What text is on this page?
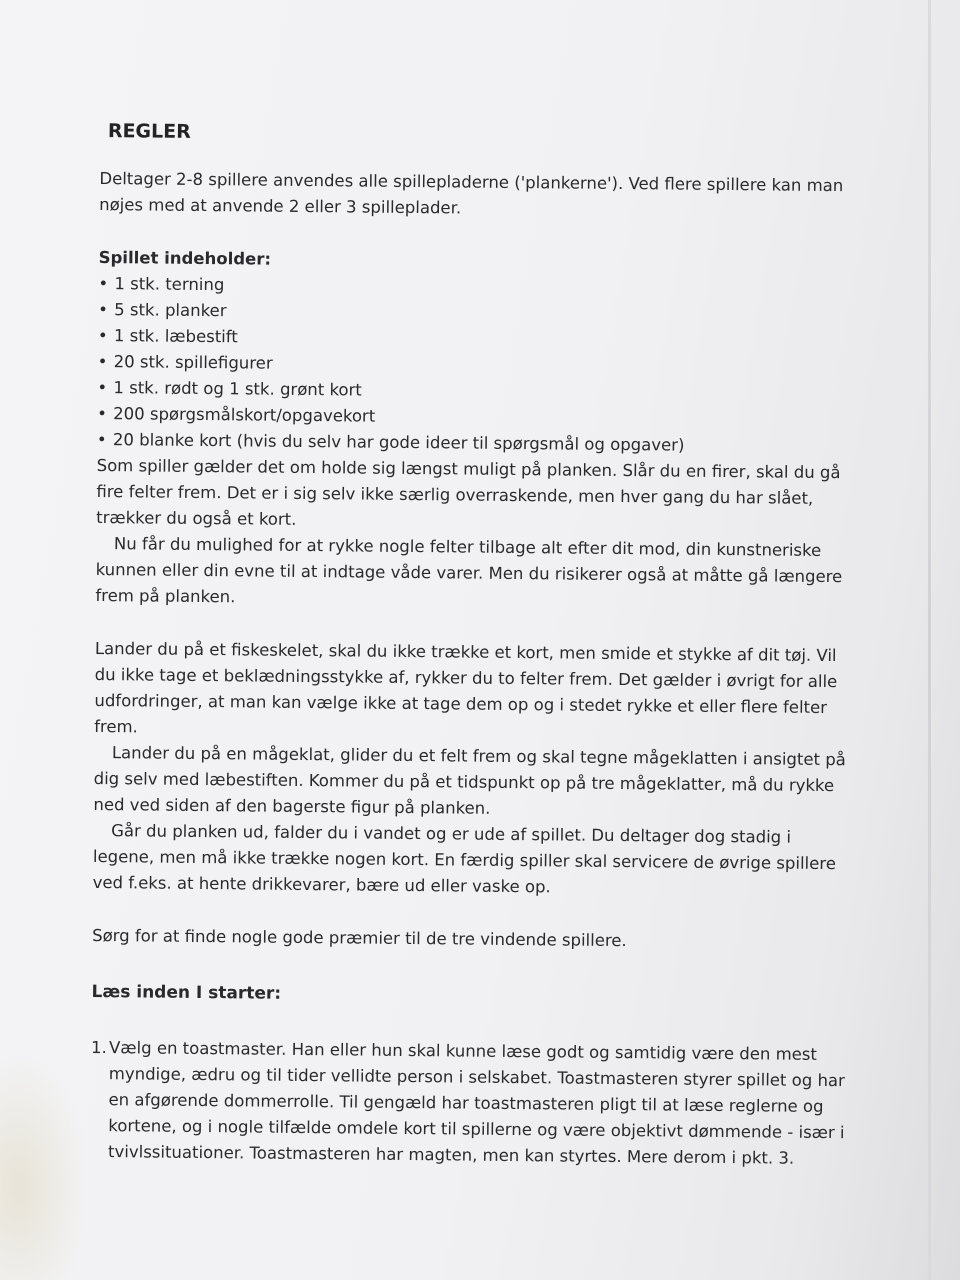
REGLER

Deltager 2-8 spillere anvendes alle spillepladerne ('plankerne'). Ved flere spillere kan man nøjes med at anvende 2 eller 3 spilleplader.

Spillet indeholder:

• 1 stk. terning
• 5 stk. planker
• 1 stk. læbestift
• 20 stk. spillefigurer
• 1 stk. rødt og 1 stk. grønt kort
• 200 spørgsmålskort/opgavekort
• 20 blanke kort (hvis du selv har gode ideer til spørgsmål og opgaver)

Som spiller gælder det om holde sig længst muligt på planken. Slår du en firer, skal du gå fire felter frem. Det er i sig selv ikke særlig overraskende, men hver gang du har slået, trækker du også et kort.

Nu får du mulighed for at rykke nogle felter tilbage alt efter dit mod, din kunstneriske kunnen eller din evne til at indtage våde varer. Men du risikerer også at måtte gå længere frem på planken.

Lander du på et fiskeskelet, skal du ikke trække et kort, men smide et stykke af dit tøj. Vil du ikke tage et beklædningsstykke af, rykker du to felter frem. Det gælder i øvrigt for alle udfordringer, at man kan vælge ikke at tage dem op og i stedet rykke et eller flere felter frem.

Lander du på en mågeklat, glider du et felt frem og skal tegne mågeklatten i ansigtet på dig selv med læbestiften. Kommer du på et tidspunkt op på tre mågeklatter, må du rykke ned ved siden af den bagerste figur på planken.

Går du planken ud, falder du i vandet og er ude af spillet. Du deltager dog stadig i legene, men må ikke trække nogen kort. En færdig spiller skal servicere de øvrige spillere ved f.eks. at hente drikkevarer, bære ud eller vaske op.

Sørg for at finde nogle gode præmier til de tre vindende spillere.

Læs inden I starter:

1. Vælg en toastmaster. Han eller hun skal kunne læse godt og samtidig være den mest myndige, ædru og til tider vellidte person i selskabet. Toastmasteren styrer spillet og har en afgørende dommerrolle. Til gengæld har toastmasteren pligt til at læse reglerne og kortene, og i nogle tilfælde omdele kort til spillerne og være objektivt dømmende - især i tvivlssituationer. Toastmasteren har magten, men kan styrtes. Mere derom i pkt. 3.
